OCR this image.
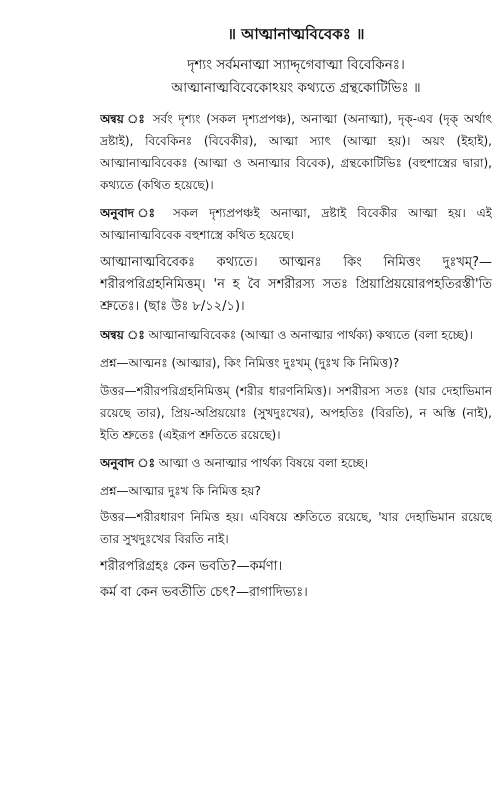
॥ আত্মানাত্মবিবেকঃ ॥
দৃশ্যং সর্বমনাত্মা স্যাদ্দৃগেবাত্মা বিবেকিনঃ।
আত্মানাত্মবিবেকোঽয়ং কথ্যতে গ্রন্থকোটিভিঃ ॥

অন্বয় ঃ সর্বং দৃশ্যং (সকল দৃশ্যপ্রপঞ্চ), অনাত্মা (অনাত্মা), দৃক্-এব (দৃক্ অর্থাৎ দ্রষ্টাই), বিবেকিনঃ (বিবেকীর), আত্মা স্যাৎ (আত্মা হয়)। অয়ং (ইহাই), আত্মানাত্মবিবেকঃ (আত্মা ও অনাত্মার বিবেক), গ্রন্থকোটিভিঃ (বহুশাস্ত্রের দ্বারা), কথ্যতে (কথিত হয়েছে)।

অনুবাদ ঃ সকল দৃশ্যপ্রপঞ্চই অনাত্মা, দ্রষ্টাই বিবেকীর আত্মা হয়। এই আত্মানাত্মবিবেক বহুশাস্ত্রে কথিত হয়েছে।

আত্মানাত্মবিবেকঃ কথ্যতে। আত্মনঃ কিং নিমিত্তং দুঃখম্?—শরীরপরিগ্রহনিমিত্তম্। 'ন হ বৈ সশরীরস্য সতঃ প্রিয়াপ্রিয়য়োরপহতিরস্তী'তি শ্রুতেঃ। (ছাঃ উঃ ৮/১২/১)।

অন্বয় ঃ আত্মানাত্মবিবেকঃ (আত্মা ও অনাত্মার পার্থক্য) কথ্যতে (বলা হচ্ছে)।

প্রশ্ন—আত্মনঃ (আত্মার), কিং নিমিত্তং দুঃখম্ (দুঃখ কি নিমিত্ত)?

উত্তর—শরীরপরিগ্রহনিমিত্তম্ (শরীর ধারণনিমিত্ত)। সশরীরস্য সতঃ (যার দেহাভিমান রয়েছে তার), প্রিয়-অপ্রিয়য়োঃ (সুখদুঃখের), অপহতিঃ (বিরতি), ন অস্তি (নাই), ইতি শ্রুতেঃ (এইরূপ শ্রুতিতে রয়েছে)।

অনুবাদ ঃ আত্মা ও অনাত্মার পার্থক্য বিষয়ে বলা হচ্ছে।

প্রশ্ন—আত্মার দুঃখ কি নিমিত্ত হয়?

উত্তর—শরীরধারণ নিমিত্ত হয়। এবিষয়ে শ্রুতিতে রয়েছে, 'যার দেহাভিমান রয়েছে তার সুখদুঃখের বিরতি নাই।

শরীরপরিগ্রহঃ কেন ভবতি?—কর্মণা।

কর্ম বা কেন ভবতীতি চেৎ?—রাগাদিভ্যঃ।
